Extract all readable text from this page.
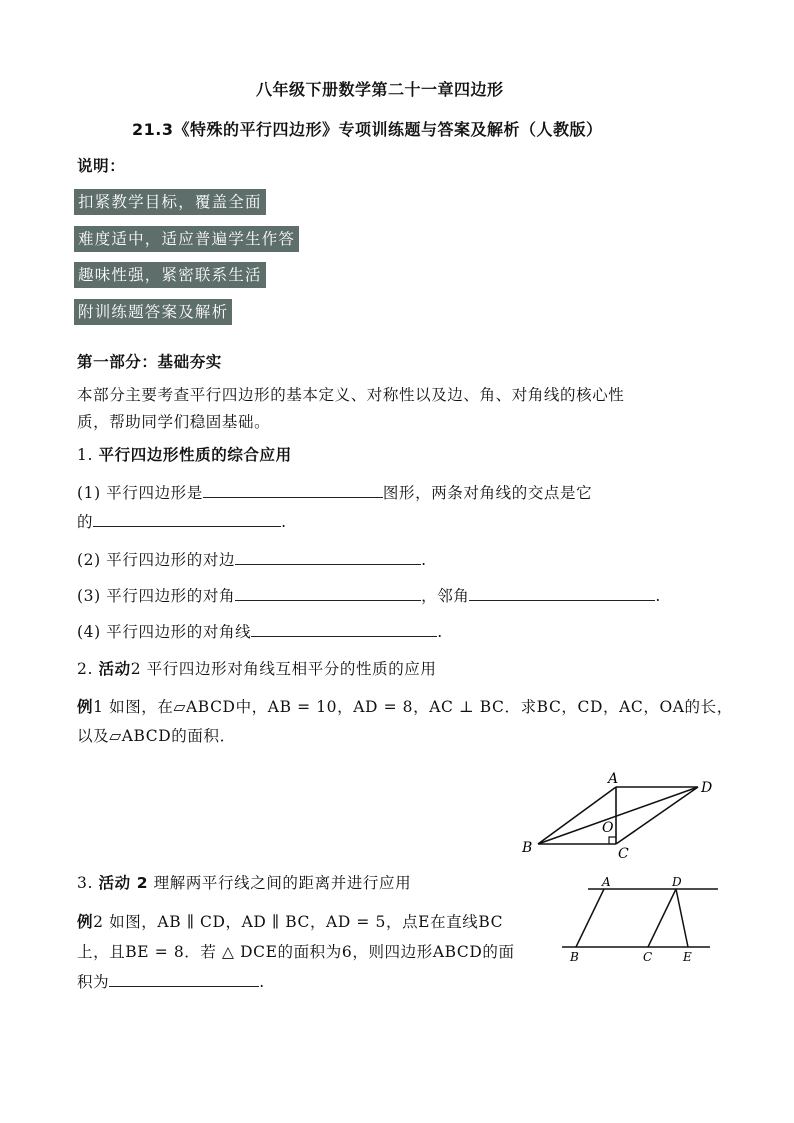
八年级下册数学第二十一章四边形
21.3《特殊的平行四边形》专项训练题与答案及解析（人教版）
说明：
扣紧教学目标，覆盖全面
难度适中，适应普遍学生作答
趣味性强，紧密联系生活
附训练题答案及解析
第一部分：基础夯实
本部分主要考查平行四边形的基本定义、对称性以及边、角、对角线的核心性
质，帮助同学们稳固基础。
1. 平行四边形性质的综合应用
(1) 平行四边形是	图形，两条对角线的交点是它
的	.
(2) 平行四边形的对边	.
(3) 平行四边形的对角	，邻角	.
(4) 平行四边形的对角线	.
2. 活动2 平行四边形对角线互相平分的性质的应用
例1 如图，在▱ABCD中，AB = 10，AD = 8，AC ⊥ BC．求BC，CD，AC，OA的长，
以及▱ABCD的面积．
A
B	C
D
O
3. 活动 2 理解两平行线之间的距离并进行应用
例2 如图，AB ∥ CD，AD ∥ BC，AD = 5，点E在直线BC
上，且BE = 8．若 △ DCE的面积为6，则四边形ABCD的面
积为	.
A	D
B	C	E
